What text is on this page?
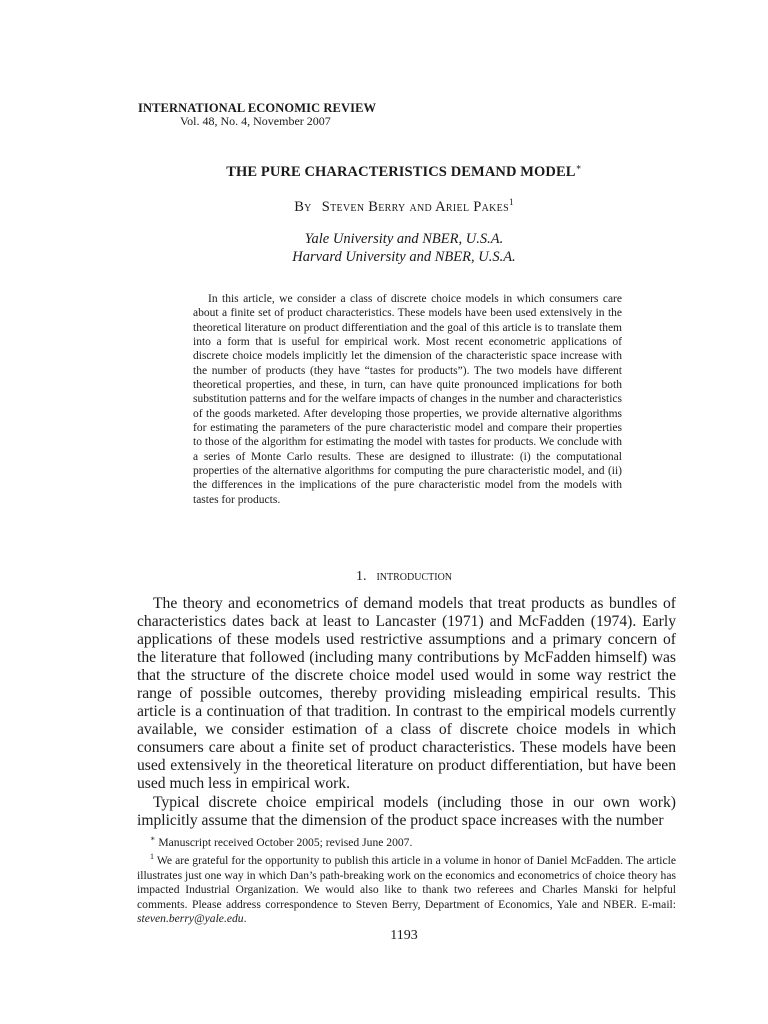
INTERNATIONAL ECONOMIC REVIEW
Vol. 48, No. 4, November 2007
THE PURE CHARACTERISTICS DEMAND MODEL∗
By Steven Berry and Ariel Pakes$^1$
Yale University and NBER, U.S.A.
Harvard University and NBER, U.S.A.
In this article, we consider a class of discrete choice models in which consumers care about a finite set of product characteristics. These models have been used extensively in the theoretical literature on product differentiation and the goal of this article is to translate them into a form that is useful for empirical work. Most recent econometric applications of discrete choice models implicitly let the dimension of the characteristic space increase with the number of products (they have “tastes for products”). The two models have different theoretical properties, and these, in turn, can have quite pronounced implications for both substitution patterns and for the welfare impacts of changes in the number and characteristics of the goods marketed. After developing those properties, we provide alternative algorithms for estimating the parameters of the pure characteristic model and compare their properties to those of the algorithm for estimating the model with tastes for products. We conclude with a series of Monte Carlo results. These are designed to illustrate: (i) the computational properties of the alternative algorithms for computing the pure characteristic model, and (ii) the differences in the implications of the pure characteristic model from the models with tastes for products.
1. introduction

The theory and econometrics of demand models that treat products as bundles of characteristics dates back at least to Lancaster (1971) and McFadden (1974). Early applications of these models used restrictive assumptions and a primary concern of the literature that followed (including many contributions by McFadden himself) was that the structure of the discrete choice model used would in some way restrict the range of possible outcomes, thereby providing misleading empirical results. This article is a continuation of that tradition. In contrast to the empirical models currently available, we consider estimation of a class of discrete choice models in which consumers care about a finite set of product characteristics. These models have been used extensively in the theoretical literature on product differentiation, but have been used much less in empirical work.

Typical discrete choice empirical models (including those in our own work) implicitly assume that the dimension of the product space increases with the number

∗ Manuscript received October 2005; revised June 2007.

$^1$ We are grateful for the opportunity to publish this article in a volume in honor of Daniel McFadden. The article illustrates just one way in which Dan’s path-breaking work on the economics and econometrics of choice theory has impacted Industrial Organization. We would also like to thank two referees and Charles Manski for helpful comments. Please address correspondence to Steven Berry, Department of Economics, Yale and NBER. E-mail: steven.berry@yale.edu.

1193
